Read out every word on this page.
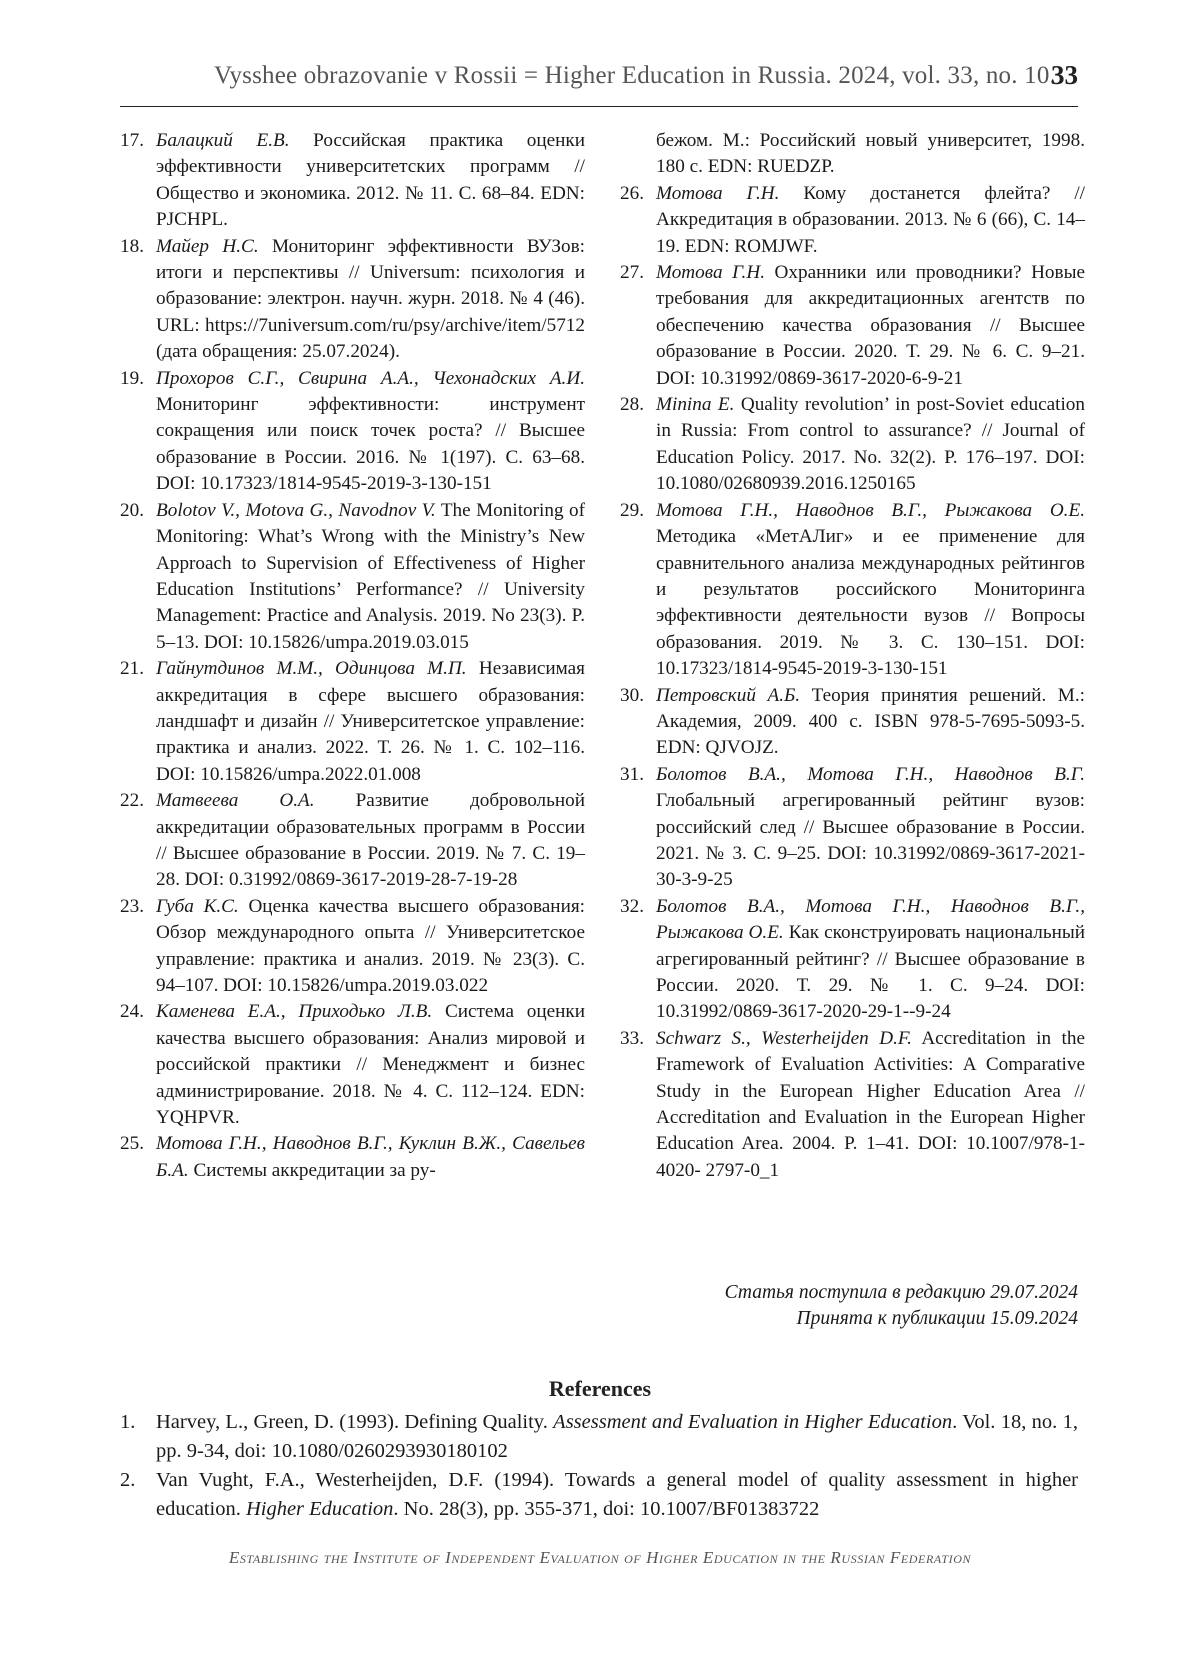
Vysshee obrazovanie v Rossii = Higher Education in Russia. 2024, vol. 33, no. 10.
33
17. Балацкий Е.В. Российская практика оценки эффективности университетских программ // Общество и экономика. 2012. № 11. С. 68–84. EDN: PJCHPL.
18. Майер Н.С. Мониторинг эффективности ВУЗов: итоги и перспективы // Universum: психология и образование: электрон. научн. журн. 2018. № 4 (46). URL: https://7universum.com/ru/psy/archive/item/5712 (дата обращения: 25.07.2024).
19. Прохоров С.Г., Свирина А.А., Чехонадских А.И. Мониторинг эффективности: инструмент сокращения или поиск точек роста? // Высшее образование в России. 2016. № 1(197). С. 63–68. DOI: 10.17323/1814-9545-2019-3-130-151
20. Bolotov V., Motova G., Navodnov V. The Monitoring of Monitoring: What’s Wrong with the Ministry’s New Approach to Supervision of Effectiveness of Higher Education Institutions’ Performance? // University Management: Practice and Analysis. 2019. No 23(3). P. 5–13. DOI: 10.15826/umpa.2019.03.015
21. Гайнутдинов М.М., Одинцова М.П. Независимая аккредитация в сфере высшего образования: ландшафт и дизайн // Университетское управление: практика и анализ. 2022. Т. 26. № 1. С. 102–116. DOI: 10.15826/umpa.2022.01.008
22. Матвеева О.А. Развитие добровольной аккредитации образовательных программ в России // Высшее образование в России. 2019. № 7. С. 19–28. DOI: 0.31992/0869-3617-2019-28-7-19-28
23. Губа К.С. Оценка качества высшего образования: Обзор международного опыта // Университетское управление: практика и анализ. 2019. № 23(3). С. 94–107. DOI: 10.15826/umpa.2019.03.022
24. Каменева Е.А., Приходько Л.В. Система оценки качества высшего образования: Анализ мировой и российской практики // Менеджмент и бизнес администрирование. 2018. № 4. С. 112–124. EDN: YQHPVR.
25. Мотова Г.Н., Наводнов В.Г., Куклин В.Ж., Савельев Б.А. Системы аккредитации за ру-
бежом. М.: Российский новый университет, 1998. 180 с. EDN: RUEDZP.
26. Мотова Г.Н. Кому достанется флейта? // Аккредитация в образовании. 2013. № 6 (66), С. 14–19. EDN: ROMJWF.
27. Мотова Г.Н. Охранники или проводники? Новые требования для аккредитационных агентств по обеспечению качества образования // Высшее образование в России. 2020. Т. 29. № 6. С. 9–21. DOI: 10.31992/0869-3617-2020-6-9-21
28. Minina E. Quality revolution’ in post-Soviet education in Russia: From control to assurance? // Journal of Education Policy. 2017. No. 32(2). P. 176–197. DOI: 10.1080/02680939.2016.1250165
29. Мотова Г.Н., Наводнов В.Г., Рыжакова О.Е. Методика «МетАЛиг» и ее применение для сравнительного анализа международных рейтингов и результатов российского Мониторинга эффективности деятельности вузов // Вопросы образования. 2019. № 3. С. 130–151. DOI: 10.17323/1814-9545-2019-3-130-151
30. Петровский А.Б. Теория принятия решений. М.: Академия, 2009. 400 с. ISBN 978-5-7695-5093-5. EDN: QJVOJZ.
31. Болотов В.А., Мотова Г.Н., Наводнов В.Г. Глобальный агрегированный рейтинг вузов: российский след // Высшее образование в России. 2021. № 3. С. 9–25. DOI: 10.31992/0869-3617-2021-30-3-9-25
32. Болотов В.А., Мотова Г.Н., Наводнов В.Г., Рыжакова О.Е. Как сконструировать национальный агрегированный рейтинг? // Высшее образование в России. 2020. Т. 29. № 1. С. 9–24. DOI: 10.31992/0869-3617-2020-29-1--9-24
33. Schwarz S., Westerheijden D.F. Accreditation in the Framework of Evaluation Activities: A Comparative Study in the European Higher Education Area // Accreditation and Evaluation in the European Higher Education Area. 2004. P. 1–41. DOI: 10.1007/978-1-4020- 2797-0_1
Статья поступила в редакцию 29.07.2024
Принята к публикации 15.09.2024
References
1. Harvey, L., Green, D. (1993). Defining Quality. Assessment and Evaluation in Higher Education. Vol. 18, no. 1, pp. 9-34, doi: 10.1080/0260293930180102
2. Van Vught, F.A., Westerheijden, D.F. (1994). Towards a general model of quality assessment in higher education. Higher Education. No. 28(3), pp. 355-371, doi: 10.1007/BF01383722
Establishing the Institute of Independent Evaluation of Higher Education in the Russian Federation
